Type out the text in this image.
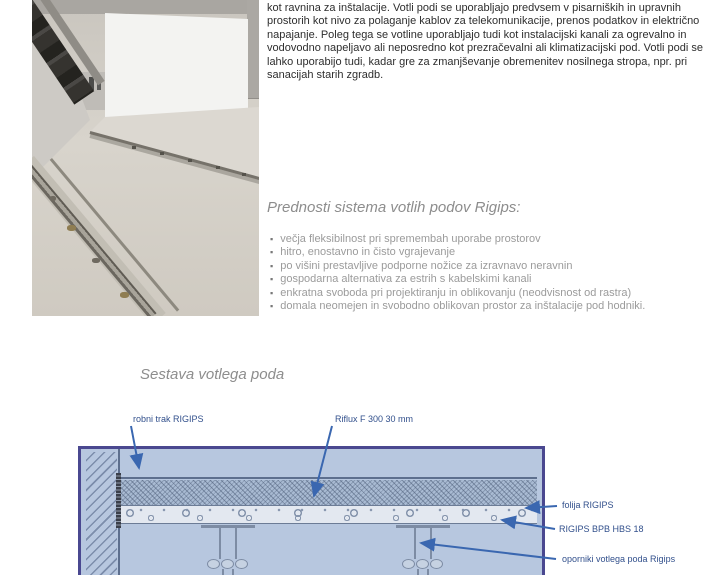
kot ravnina za inštalacije. Votli podi se uporabljajo predvsem v pisarniških in upravnih prostorih kot nivo za polaganje kablov za telekomunikacije, prenos podatkov in električno napajanje. Poleg tega se votline uporabljajo tudi kot instalacijski kanali za ogrevalno in vodovodno napeljavo ali neposredno kot prezračevalni ali klimatizacijski pod. Votli podi se lahko uporabijo tudi, kadar gre za zmanjševanje obremenitev nosilnega stropa, npr. pri sanacijah starih zgradb.

Prednosti sistema votlih podov Rigips:
▪ večja fleksibilnost pri spremembah uporabe prostorov
▪ hitro, enostavno in čisto vgrajevanje
▪ po višini prestavljive podporne nožice za izravnavo neravnin
▪ gospodarna alternativa za estrih s kabelskimi kanali
▪ enkratna svoboda pri projektiranju in oblikovanju (neodvisnost od rastra)
▪ domala neomejen in svobodno oblikovan prostor za inštalacije pod hodniki.
Sestava votlega poda
robni trak RIGIPS	Riflux F 300 30 mm
folija RIGIPS
RIGIPS BPB HBS 18
oporniki votlega poda Rigips
